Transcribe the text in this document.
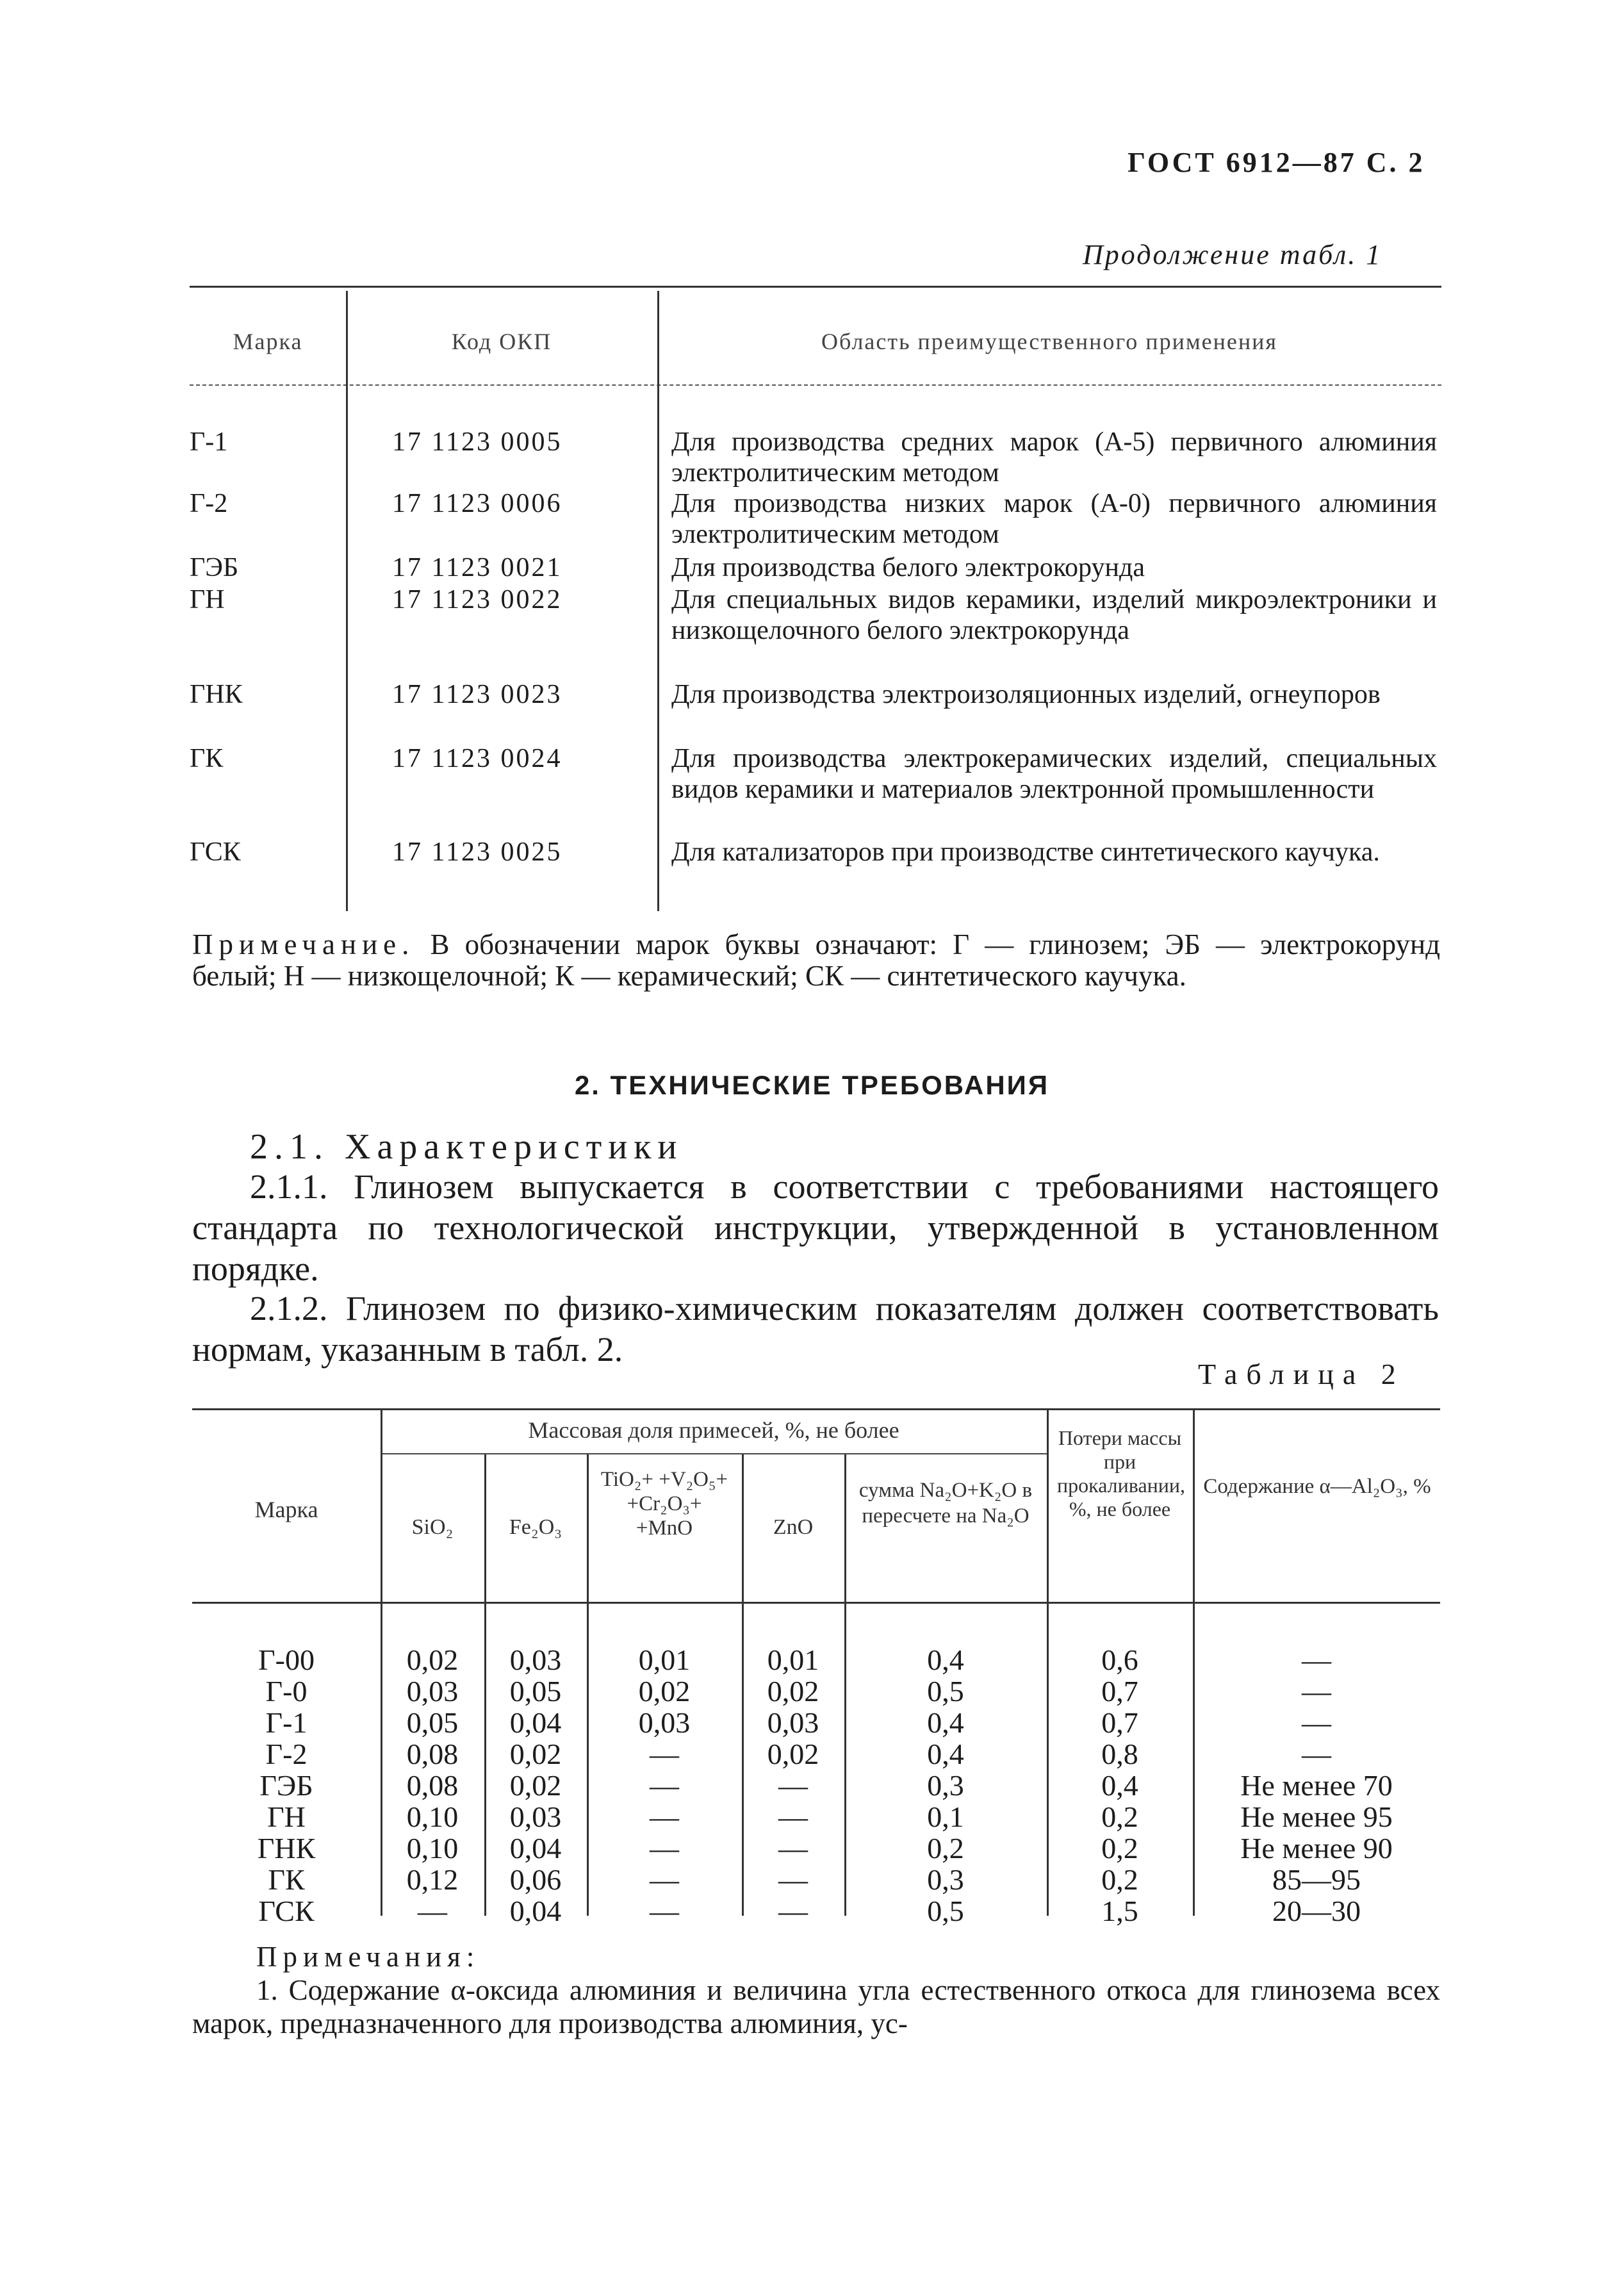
ГОСТ 6912—87 С. 2
Продолжение табл. 1
Марка	Код ОКП	Область преимущественного применения
Г-1	17 1123 0005	Для производства средних марок (А-5) первичного алюминия электролитическим методом
Г-2	17 1123 0006	Для производства низких марок (А-0) первичного алюминия электролитическим методом
ГЭБ	17 1123 0021	Для производства белого электрокорунда
ГН	17 1123 0022	Для специальных видов керамики, изделий микроэлектроники и низкощелочного белого электрокорунда
ГНК	17 1123 0023	Для производства электроизоляционных изделий, огнеупоров
ГК	17 1123 0024	Для производства электрокерамических изделий, специальных видов керамики и материалов электронной промышленности
ГСК	17 1123 0025	Для катализаторов при производстве синтетического каучука.
Примечание. В обозначении марок буквы означают: Г — глинозем; ЭБ — электрокорунд белый; Н — низкощелочной; К — керамический; СК — синтетического каучука.
2. ТЕХНИЧЕСКИЕ ТРЕБОВАНИЯ
2.1. Характеристики
2.1.1. Глинозем выпускается в соответствии с требованиями настоящего стандарта по технологической инструкции, утвержденной в установленном порядке.
2.1.2. Глинозем по физико-химическим показателям должен соответствовать нормам, указанным в табл. 2.
Таблица 2
Марка
Массовая доля примесей, %, не более
SiO₂	Fe₂O₃
TiO₂+ +V₂O₅+ +Cr₂O₃+ +MnO	ZnO
сумма Na₂O+K₂O в пересчете на Na₂O
Потери массы при прокаливании, %, не более
Содержание α—Al₂O₃, %
Г-00	0,02	0,03	0,01	0,01	0,4	0,6	—
Г-0	0,03	0,05	0,02	0,02	0,5	0,7	—
Г-1	0,05	0,04	0,03	0,03	0,4	0,7	—
Г-2	0,08	0,02	—	0,02	0,4	0,8	—
ГЭБ	0,08	0,02	—	—	0,3	0,4	Не менее 70
ГН	0,10	0,03	—	—	0,1	0,2	Не менее 95
ГНК	0,10	0,04	—	—	0,2	0,2	Не менее 90
ГК	0,12	0,06	—	—	0,3	0,2	85—95
ГСК	—	0,04	—	—	0,5	1,5	20—30
Примечания:
1. Содержание α-оксида алюминия и величина угла естественного откоса для глинозема всех марок, предназначенного для производства алюминия, ус-
